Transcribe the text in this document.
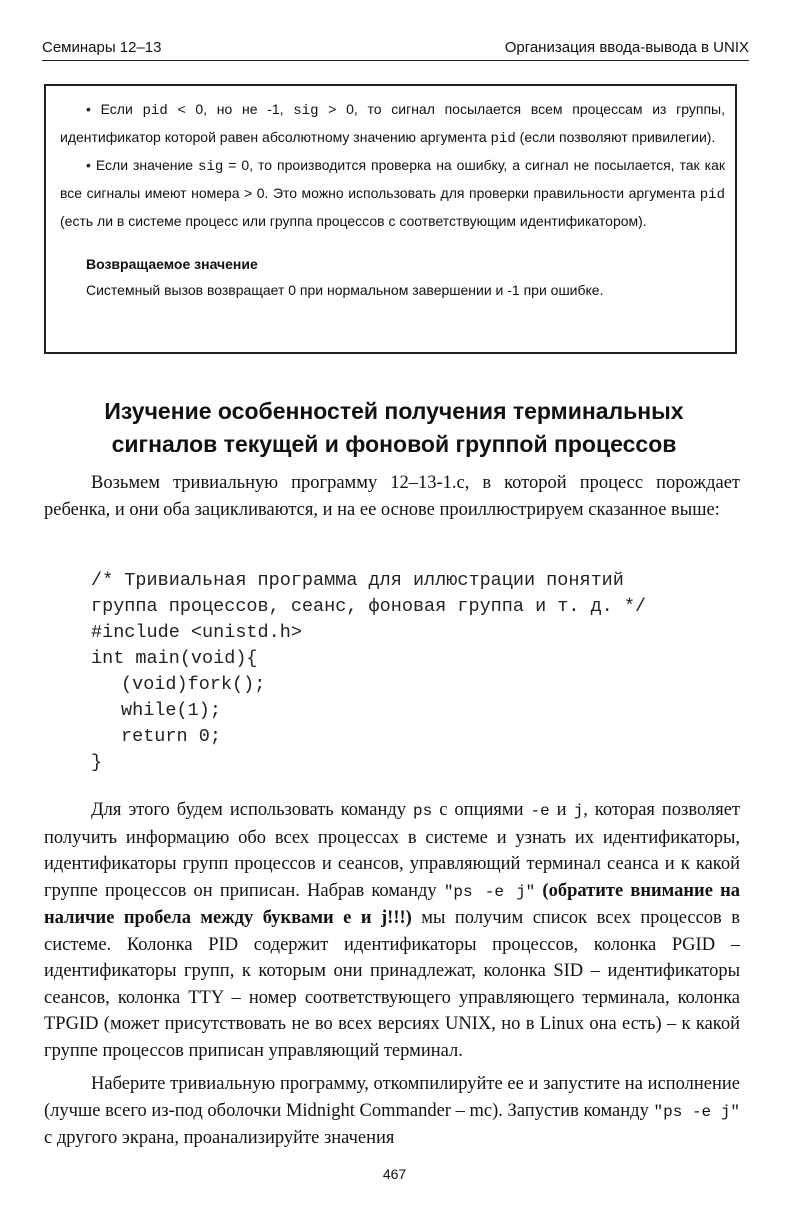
Семинары 12–13	Организация ввода-вывода в UNIX

• Если pid < 0, но не -1, sig > 0, то сигнал посылается всем процессам из группы, идентификатор которой равен абсолютному значению аргумента pid (если позволяют привилегии).

• Если значение sig = 0, то производится проверка на ошибку, а сигнал не посылается, так как все сигналы имеют номера > 0. Это можно использовать для проверки правильности аргумента pid (есть ли в системе процесс или группа процессов с соответствующим идентификатором).

Возвращаемое значение

Системный вызов возвращает 0 при нормальном завершении и -1 при ошибке.

Изучение особенностей получения терминальных
сигналов текущей и фоновой группой процессов

Возьмем тривиальную программу 12–13-1.c, в которой процесс порождает ребенка, и они оба зацикливаются, и на ее основе проиллюстрируем сказанное выше:

/* Тривиальная программа для иллюстрации понятий
группа процессов, сеанс, фоновая группа и т. д. */
#include <unistd.h>
int main(void){
(void)fork();
while(1);
return 0;
}

Для этого будем использовать команду ps с опциями -e и j, которая позволяет получить информацию обо всех процессах в системе и узнать их идентификаторы, идентификаторы групп процессов и сеансов, управляющий терминал сеанса и к какой группе процессов он приписан. Набрав команду "ps -e j" (обратите внимание на наличие пробела между буквами e и j!!!) мы получим список всех процессов в системе. Колонка PID содержит идентификаторы процессов, колонка PGID – идентификаторы групп, к которым они принадлежат, колонка SID – идентификаторы сеансов, колонка TTY – номер соответствующего управляющего терминала, колонка TPGID (может присутствовать не во всех версиях UNIX, но в Linux она есть) – к какой группе процессов приписан управляющий терминал.

Наберите тривиальную программу, откомпилируйте ее и запустите на исполнение (лучше всего из-под оболочки Midnight Commander – mc). Запустив команду "ps -e j" с другого экрана, проанализируйте значения

467
